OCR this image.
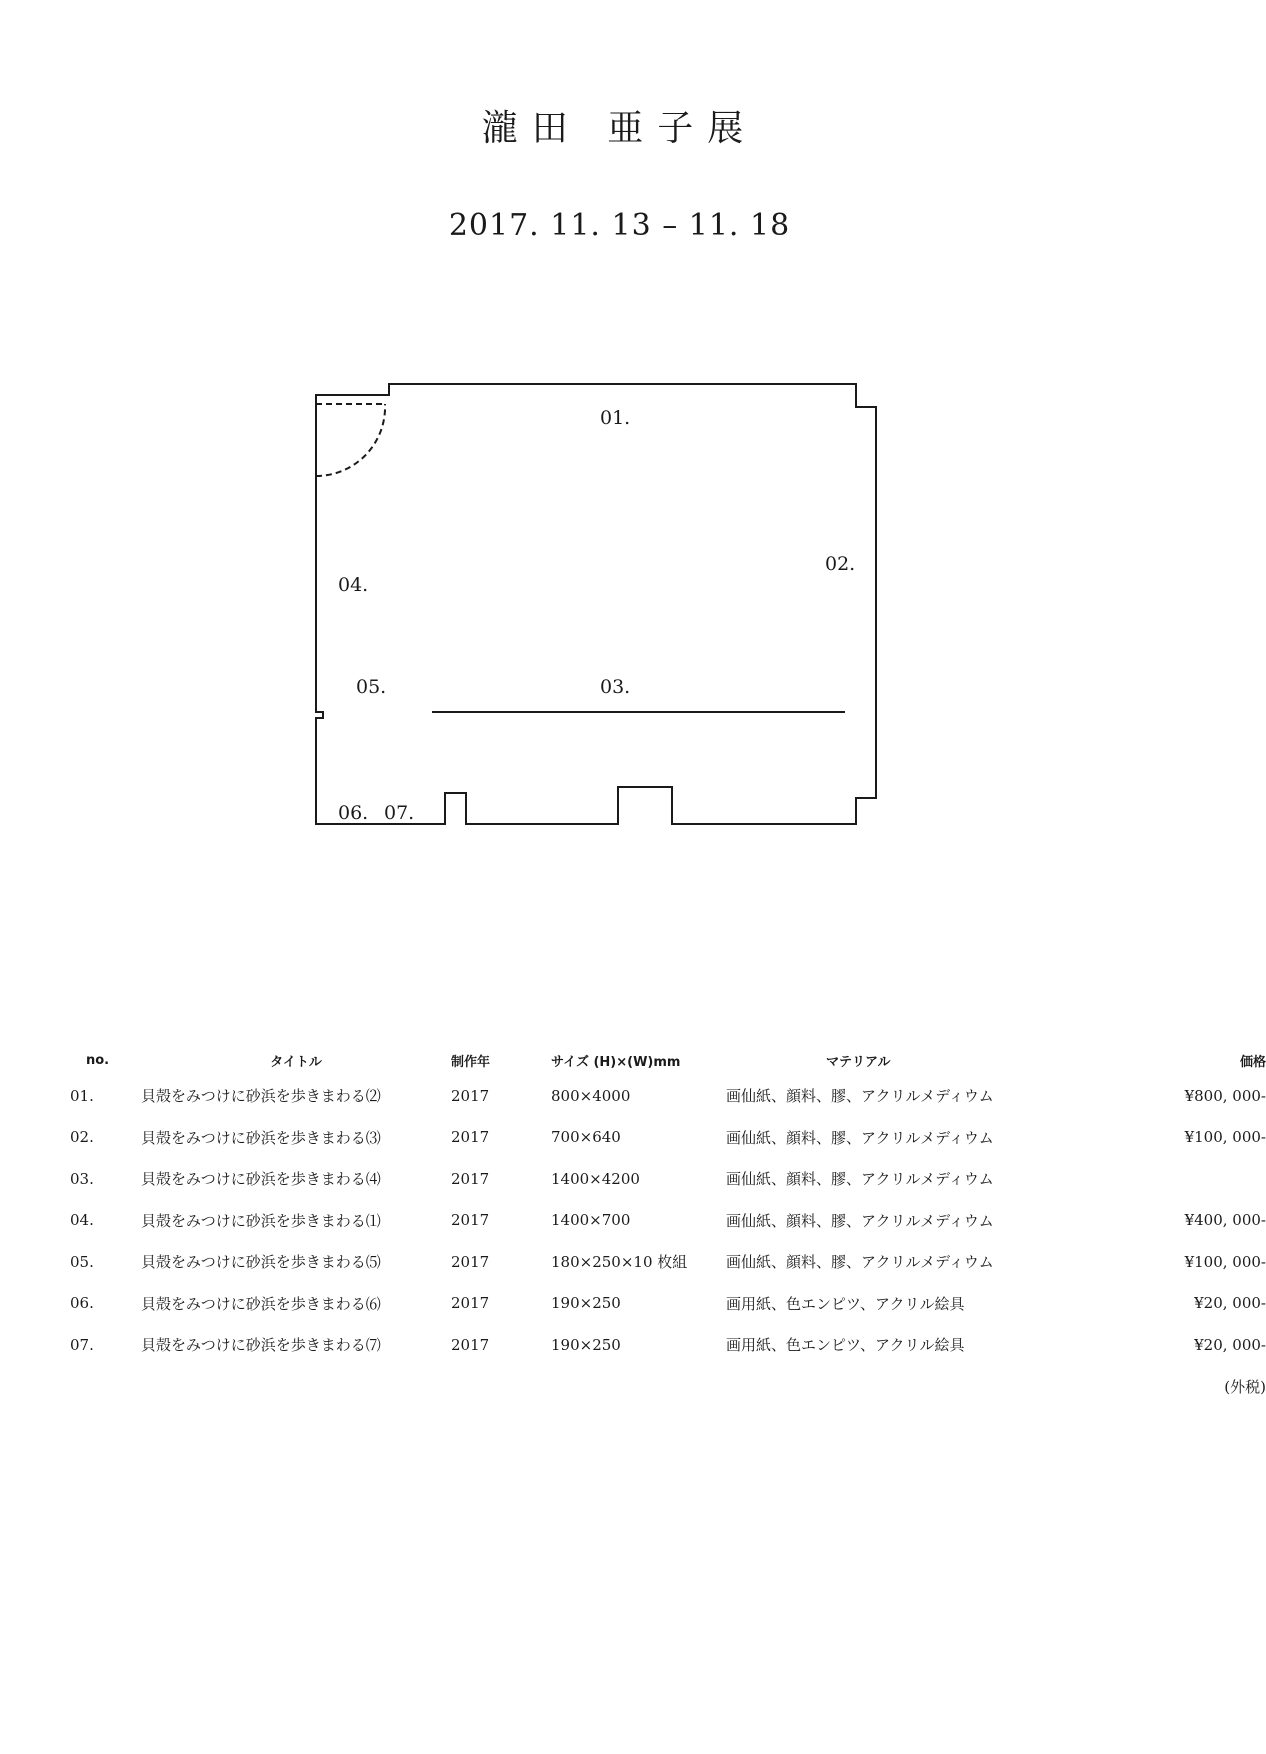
瀧田 亜子展
2017. 11. 13 – 11. 18
01.
02.
03.
04.
05.
06. 07.
no.	タイトル	制作年	サイズ (H)×(W)mm	マテリアル	価格
01.	貝殻をみつけに砂浜を歩きまわる⑵	2017	800×4000	画仙紙、顔料、膠、アクリルメディウム	¥800, 000-
02.	貝殻をみつけに砂浜を歩きまわる⑶	2017	700×640	画仙紙、顔料、膠、アクリルメディウム	¥100, 000-
03.	貝殻をみつけに砂浜を歩きまわる⑷	2017	1400×4200	画仙紙、顔料、膠、アクリルメディウム	
04.	貝殻をみつけに砂浜を歩きまわる⑴	2017	1400×700	画仙紙、顔料、膠、アクリルメディウム	¥400, 000-
05.	貝殻をみつけに砂浜を歩きまわる⑸	2017	180×250×10 枚組	画仙紙、顔料、膠、アクリルメディウム	¥100, 000-
06.	貝殻をみつけに砂浜を歩きまわる⑹	2017	190×250	画用紙、色エンピツ、アクリル絵具	¥20, 000-
07.	貝殻をみつけに砂浜を歩きまわる⑺	2017	190×250	画用紙、色エンピツ、アクリル絵具	¥20, 000-
(外税)					
